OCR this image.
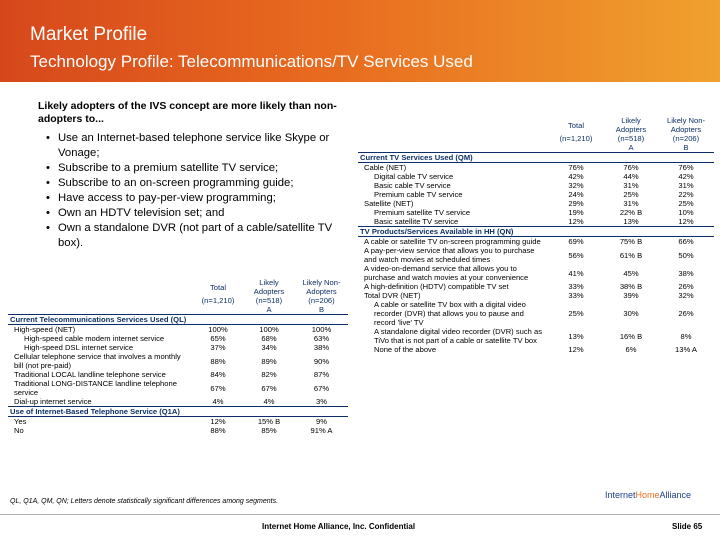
Market Profile
Technology Profile: Telecommunications/TV Services Used
Likely adopters of the IVS concept are more likely than non-adopters to...
• Use an Internet-based telephone service like Skype or Vonage;
• Subscribe to a premium satellite TV service;
• Subscribe to an on-screen programming guide;
• Have access to pay-per-view programming;
• Own an HDTV television set; and
• Own a standalone DVR (not part of a cable/satellite TV box).
	Total	Likely Adopters	Likely Non-Adopters
	(n=1,210)	(n=518)	(n=206)
		A	B
Current Telecommunications Services Used (QL)			
High-speed (NET)	100%	100%	100%
High-speed cable modem internet service	65%	68%	63%
High-speed DSL internet service	37%	34%	38%
Cellular telephone service that involves a monthly bill (not pre-paid)	88%	89%	90%
Traditional LOCAL landline telephone service	84%	82%	87%
Traditional LONG-DISTANCE landline telephone service	67%	67%	67%
Dial-up internet service	4%	4%	3%
Use of Internet-Based Telephone Service (Q1A)			
Yes	12%	15% B	9%
No	88%	85%	91% A
	Total	Likely Adopters	Likely Non-Adopters
	(n=1,210)	(n=518)	(n=206)
		A	B
Current TV Services Used (QM)			
Cable (NET)	76%	76%	76%
Digital cable TV service	42%	44%	42%
Basic cable TV service	32%	31%	31%
Premium cable TV service	24%	25%	22%
Satellite (NET)	29%	31%	25%
Premium satellite TV service	19%	22% B	10%
Basic satellite TV service	12%	13%	12%
TV Products/Services Available in HH (QN)			
A cable or satellite TV on-screen programming guide	69%	75% B	66%
A pay-per-view service that allows you to purchase and watch movies at scheduled times	56%	61% B	50%
A video-on-demand service that allows you to purchase and watch movies at your convenience	41%	45%	38%
A high-definition (HDTV) compatible TV set	33%	38% B	26%
Total DVR (NET)	33%	39%	32%
A cable or satellite TV box with a digital video recorder (DVR) that allows you to pause and record 'live' TV	25%	30%	26%
A standalone digital video recorder (DVR) such as TiVo that is not part of a cable or satellite TV box	13%	16% B	8%
None of the above	12%	6%	13% A
QL, Q1A, QM, QN; Letters denote statistically significant differences among segments.
InternetHomeAlliance
Internet Home Alliance, Inc. Confidential	Slide 65
